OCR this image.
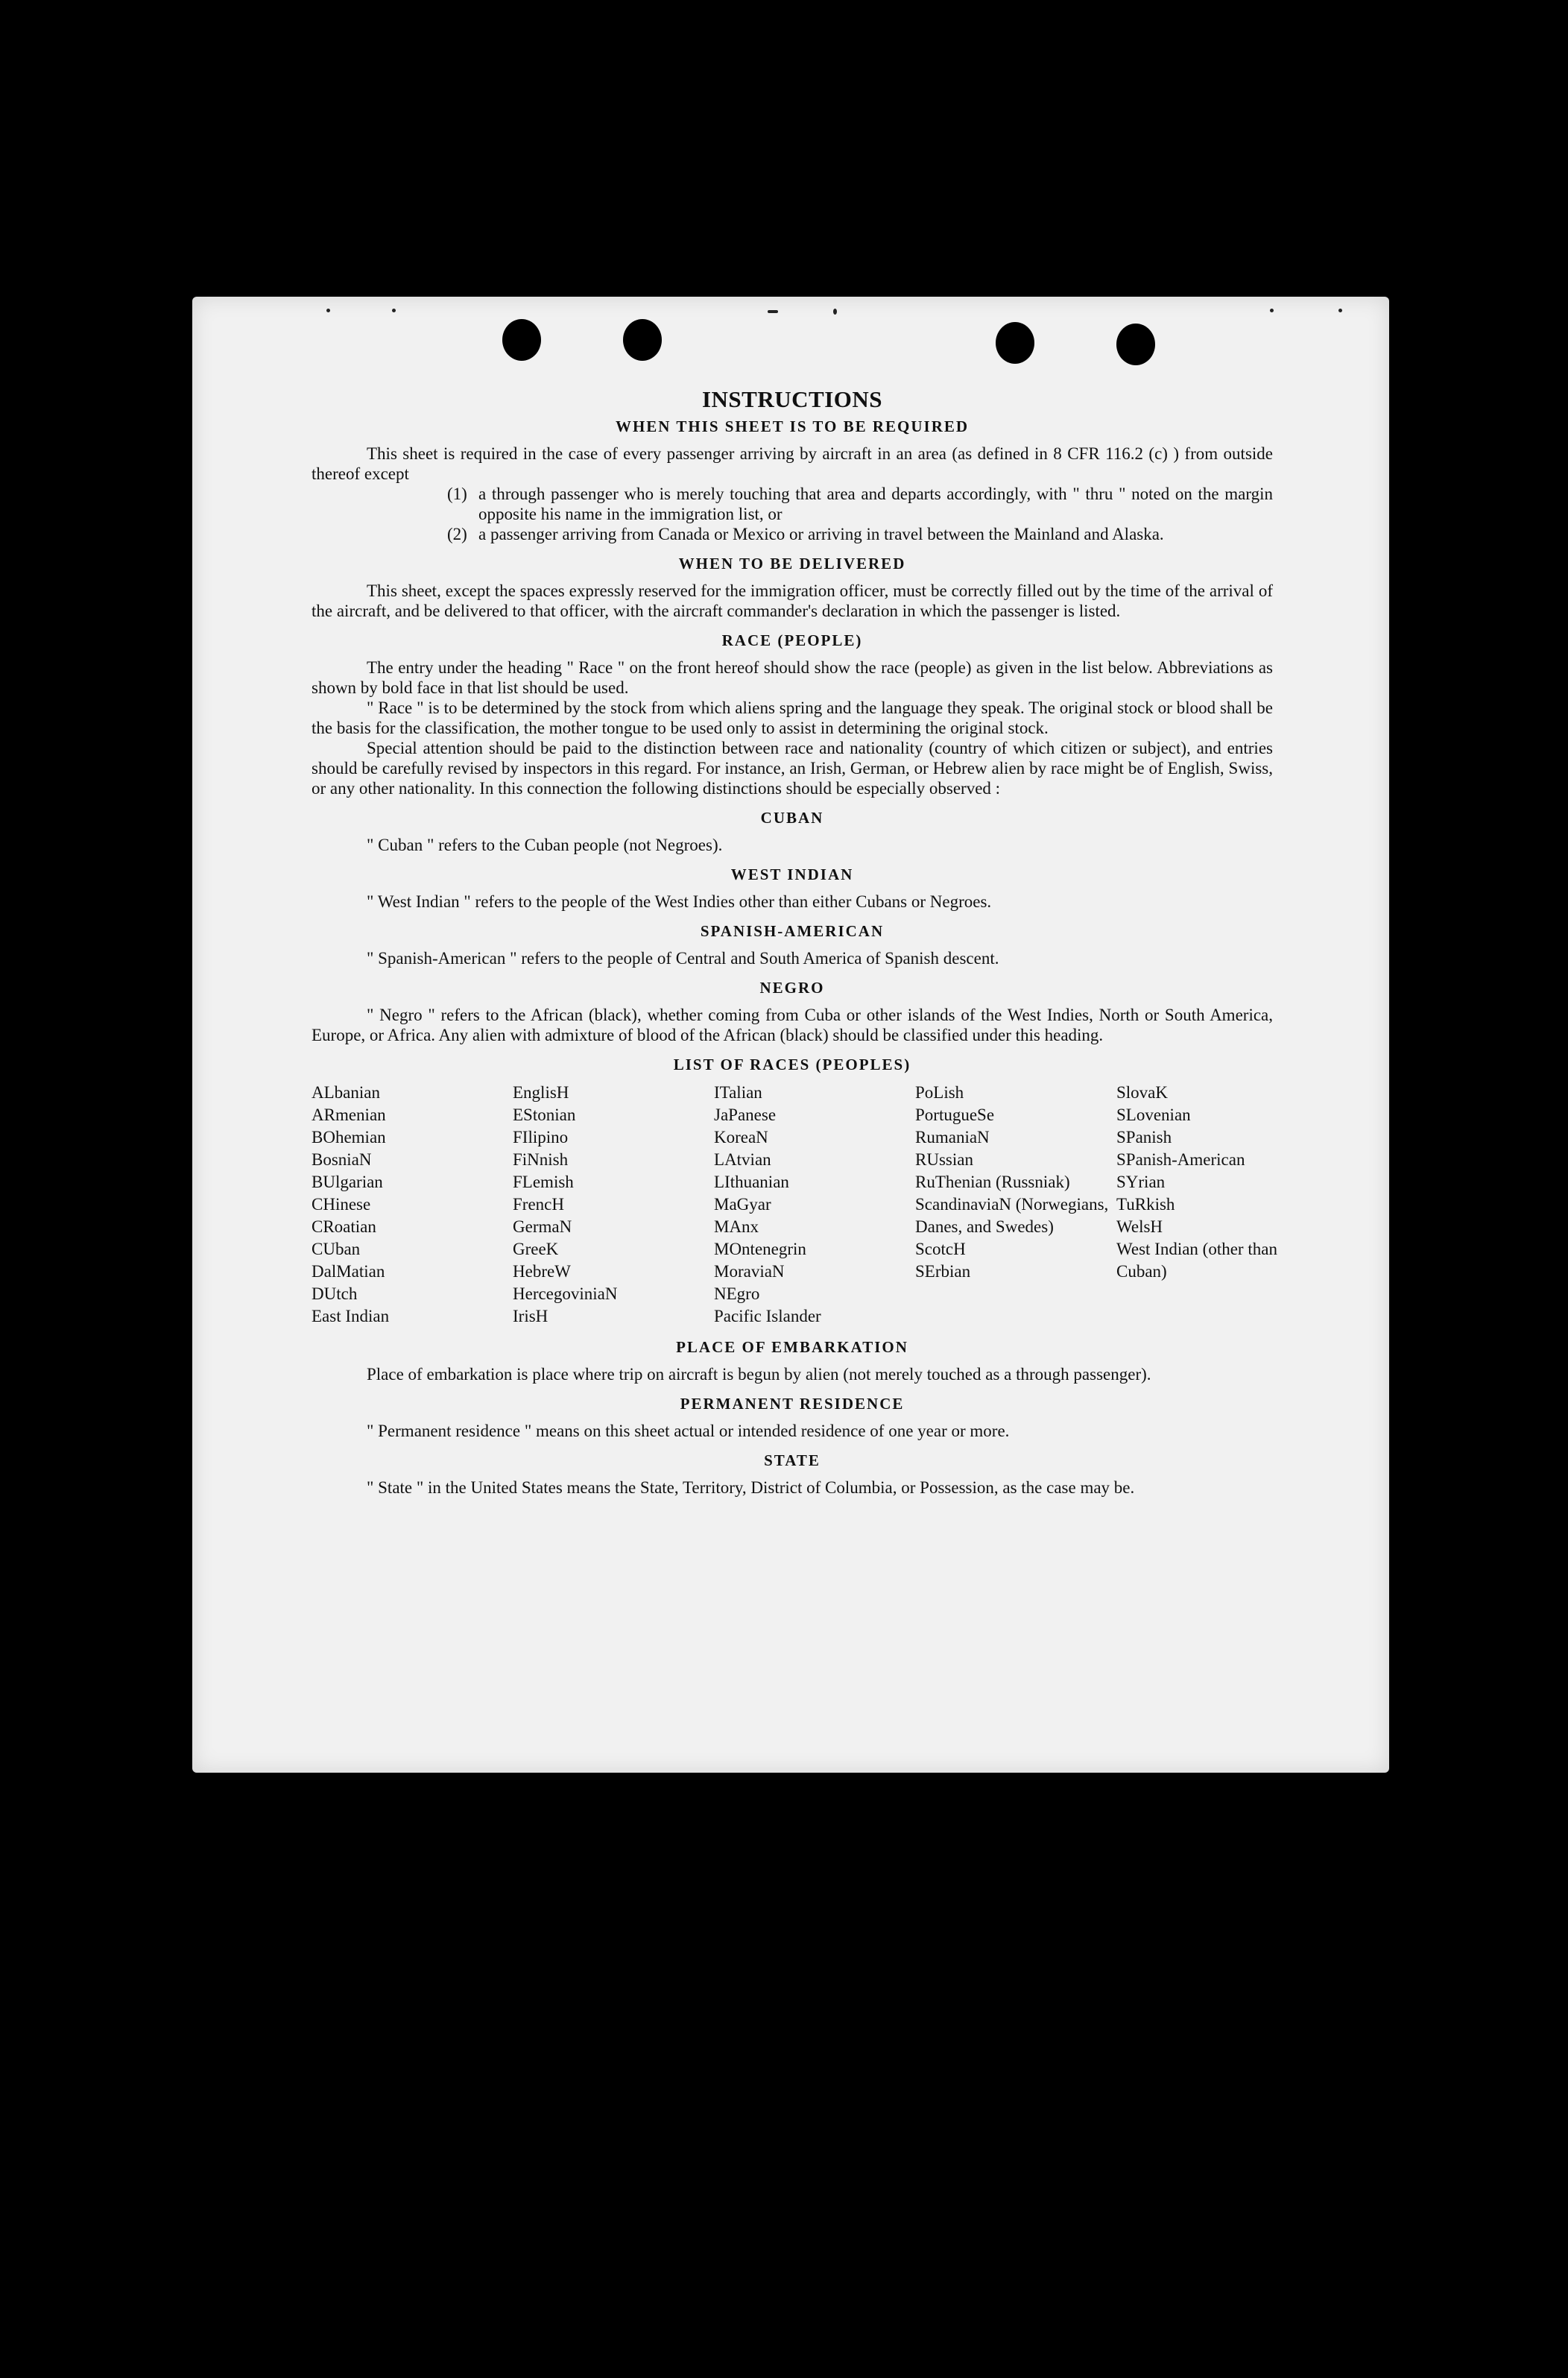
INSTRUCTIONS
WHEN THIS SHEET IS TO BE REQUIRED

This sheet is required in the case of every passenger arriving by aircraft in an area (as defined in 8 CFR 116.2 (c) ) from outside thereof except

(1) a through passenger who is merely touching that area and departs accordingly, with " thru " noted on the margin opposite his name in the immigration list, or
(2) a passenger arriving from Canada or Mexico or arriving in travel between the Mainland and Alaska.
WHEN TO BE DELIVERED

This sheet, except the spaces expressly reserved for the immigration officer, must be correctly filled out by the time of the arrival of the aircraft, and be delivered to that officer, with the aircraft commander's declaration in which the passenger is listed.

RACE (PEOPLE)

The entry under the heading " Race " on the front hereof should show the race (people) as given in the list below. Abbreviations as shown by bold face in that list should be used.

" Race " is to be determined by the stock from which aliens spring and the language they speak. The original stock or blood shall be the basis for the classification, the mother tongue to be used only to assist in determining the original stock.

Special attention should be paid to the distinction between race and nationality (country of which citizen or subject), and entries should be carefully revised by inspectors in this regard. For instance, an Irish, German, or Hebrew alien by race might be of English, Swiss, or any other nationality. In this connection the following distinctions should be especially observed :

CUBAN

" Cuban " refers to the Cuban people (not Negroes).

WEST INDIAN

" West Indian " refers to the people of the West Indies other than either Cubans or Negroes.

SPANISH-AMERICAN

" Spanish-American " refers to the people of Central and South America of Spanish descent.

NEGRO

" Negro " refers to the African (black), whether coming from Cuba or other islands of the West Indies, North or South America, Europe, or Africa. Any alien with admixture of blood of the African (black) should be classified under this heading.

LIST OF RACES (PEOPLES)
ALbanian
ARmenian
BOhemian
BosniaN
BUlgarian
CHinese
CRoatian
CUban
DalMatian
DUtch
East Indian
EnglisH
EStonian
FIlipino
FiNnish
FLemish
FrencH
GermaN
GreeK
HebreW
HercegoviniaN
IrisH
ITalian
JaPanese
KoreaN
LAtvian
LIthuanian
MaGyar
MAnx
MOntenegrin
MoraviaN
NEgro
Pacific Islander
PoLish
PortugueSe
RumaniaN
RUssian
RuThenian (Russniak)
ScandinaviaN (Norwegians, Danes, and Swedes)
ScotcH
SErbian
SlovaK
SLovenian
SPanish
SPanish-American
SYrian
TuRkish
WelsH
West Indian (other than Cuban)
PLACE OF EMBARKATION

Place of embarkation is place where trip on aircraft is begun by alien (not merely touched as a through passenger).

PERMANENT RESIDENCE

" Permanent residence " means on this sheet actual or intended residence of one year or more.

STATE

" State " in the United States means the State, Territory, District of Columbia, or Possession, as the case may be.
